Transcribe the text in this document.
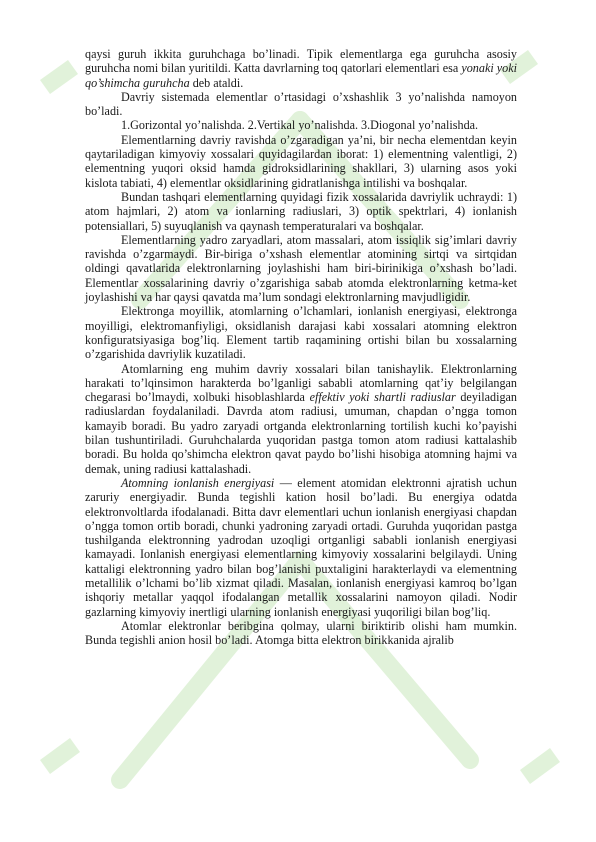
qaysi guruh ikkita guruhchaga bo’linadi. Tipik elementlarga ega guruhcha asosiy guruhcha nomi bilan yuritildi. Katta davrlarning toq qatorlari elementlari esa yonaki yoki qo’shimcha guruhcha deb ataldi.

Davriy sistemada elementlar o’rtasidagi o’xshashlik 3 yo’nalishda namoyon bo’ladi.

1.Gorizontal yo’nalishda. 2.Vertikal yo’nalishda. 3.Diogonal yo’nalishda.

Elementlarning davriy ravishda o’zgaradigan ya’ni, bir necha elementdan keyin qaytariladigan kimyoviy xossalari quyidagilardan iborat: 1) elementning valentligi, 2) elementning yuqori oksid hamda gidroksidlarining shakllari, 3) ularning asos yoki kislota tabiati, 4) elementlar oksidlarining gidratlanishga intilishi va boshqalar.

Bundan tashqari elementlarning quyidagi fizik xossalarida davriylik uchraydi: 1) atom hajmlari, 2) atom va ionlarning radiuslari, 3) optik spektrlari, 4) ionlanish potensiallari, 5) suyuqlanish va qaynash temperaturalari va boshqalar.

Elementlarning yadro zaryadlari, atom massalari, atom issiqlik sig’imlari davriy ravishda o’zgarmaydi. Bir-biriga o’xshash elementlar atomining sirtqi va sirtqidan oldingi qavatlarida elektronlarning joylashishi ham biri-birinikiga o’xshash bo’ladi. Elementlar xossalarining davriy o’zgarishiga sabab atomda elektronlarning ketma-ket joylashishi va har qaysi qavatda ma’lum sondagi elektronlarning mavjudligidir.

Elektronga moyillik, atomlarning o’lchamlari, ionlanish energiyasi, elektronga moyilligi, elektromanfiyligi, oksidlanish darajasi kabi xossalari atomning elektron konfiguratsiyasiga bog’liq. Element tartib raqamining ortishi bilan bu xossalarning o’zgarishida davriylik kuzatiladi.

Atomlarning eng muhim davriy xossalari bilan tanishaylik. Elektronlarning harakati to’lqinsimon harakterda bo’lganligi sababli atomlarning qat’iy belgilangan chegarasi bo’lmaydi, xolbuki hisoblashlarda effektiv yoki shartli radiuslar deyiladigan radiuslardan foydalaniladi. Davrda atom radiusi, umuman, chapdan o’ngga tomon kamayib boradi. Bu yadro zaryadi ortganda elektronlarning tortilish kuchi ko’payishi bilan tushuntiriladi. Guruhchalarda yuqoridan pastga tomon atom radiusi kattalashib boradi. Bu holda qo’shimcha elektron qavat paydo bo’lishi hisobiga atomning hajmi va demak, uning radiusi kattalashadi.

Atomning ionlanish energiyasi — element atomidan elektronni ajratish uchun zaruriy energiyadir. Bunda tegishli kation hosil bo’ladi. Bu energiya odatda elektronvoltlarda ifodalanadi. Bitta davr elementlari uchun ionlanish energiyasi chapdan o’ngga tomon ortib boradi, chunki yadroning zaryadi ortadi. Guruhda yuqoridan pastga tushilganda elektronning yadrodan uzoqligi ortganligi sababli ionlanish energiyasi kamayadi. Ionlanish energiyasi elementlarning kimyoviy xossalarini belgilaydi. Uning kattaligi elektronning yadro bilan bog’lanishi puxtaligini harakterlaydi va elementning metallilik o’lchami bo’lib xizmat qiladi. Masalan, ionlanish energiyasi kamroq bo’lgan ishqoriy metallar yaqqol ifodalangan metallik xossalarini namoyon qiladi. Nodir gazlarning kimyoviy inertligi ularning ionlanish energiyasi yuqoriligi bilan bog’liq.

Atomlar elektronlar beribgina qolmay, ularni biriktirib olishi ham mumkin. Bunda tegishli anion hosil bo’ladi. Atomga bitta elektron birikkanida ajralib
